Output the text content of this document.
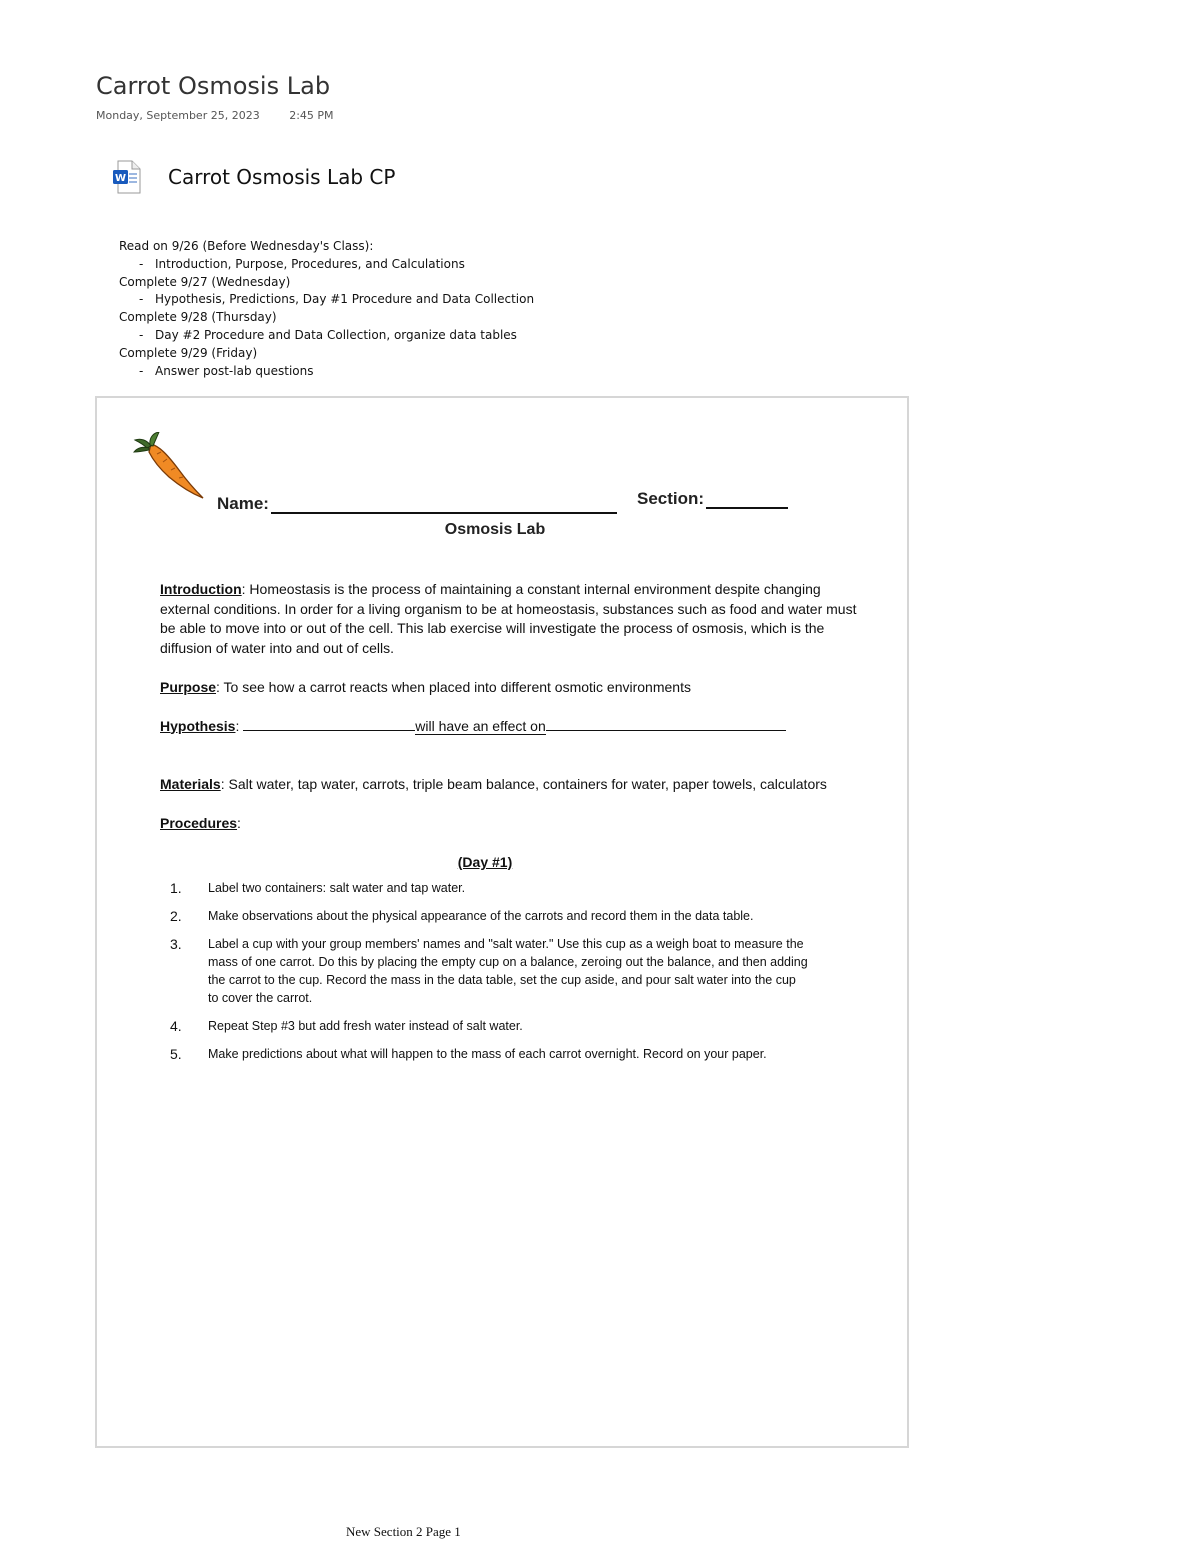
Carrot Osmosis Lab
Monday, September 25, 2023	2:45 PM
W Carrot Osmosis Lab CP
Read on 9/26 (Before Wednesday's Class):
- Introduction, Purpose, Procedures, and Calculations
Complete 9/27 (Wednesday)
- Hypothesis, Predictions, Day #1 Procedure and Data Collection
Complete 9/28 (Thursday)
- Day #2 Procedure and Data Collection, organize data tables
Complete 9/29 (Friday)
- Answer post-lab questions
Name:	Section:
Osmosis Lab

Introduction: Homeostasis is the process of maintaining a constant internal environment despite changing external conditions. In order for a living organism to be at homeostasis, substances such as food and water must be able to move into or out of the cell. This lab exercise will investigate the process of osmosis, which is the diffusion of water into and out of cells.

Purpose: To see how a carrot reacts when placed into different osmotic environments

Hypothesis:	will have an effect on

Materials: Salt water, tap water, carrots, triple beam balance, containers for water, paper towels, calculators

Procedures:

(Day #1)
1.	Label two containers: salt water and tap water.
2.	Make observations about the physical appearance of the carrots and record them in the data table.
3.	Label a cup with your group members' names and "salt water." Use this cup as a weigh boat to measure the mass of one carrot. Do this by placing the empty cup on a balance, zeroing out the balance, and then adding the carrot to the cup. Record the mass in the data table, set the cup aside, and pour salt water into the cup to cover the carrot.
4.	Repeat Step #3 but add fresh water instead of salt water.
5.	Make predictions about what will happen to the mass of each carrot overnight. Record on your paper.
New Section 2 Page 1
